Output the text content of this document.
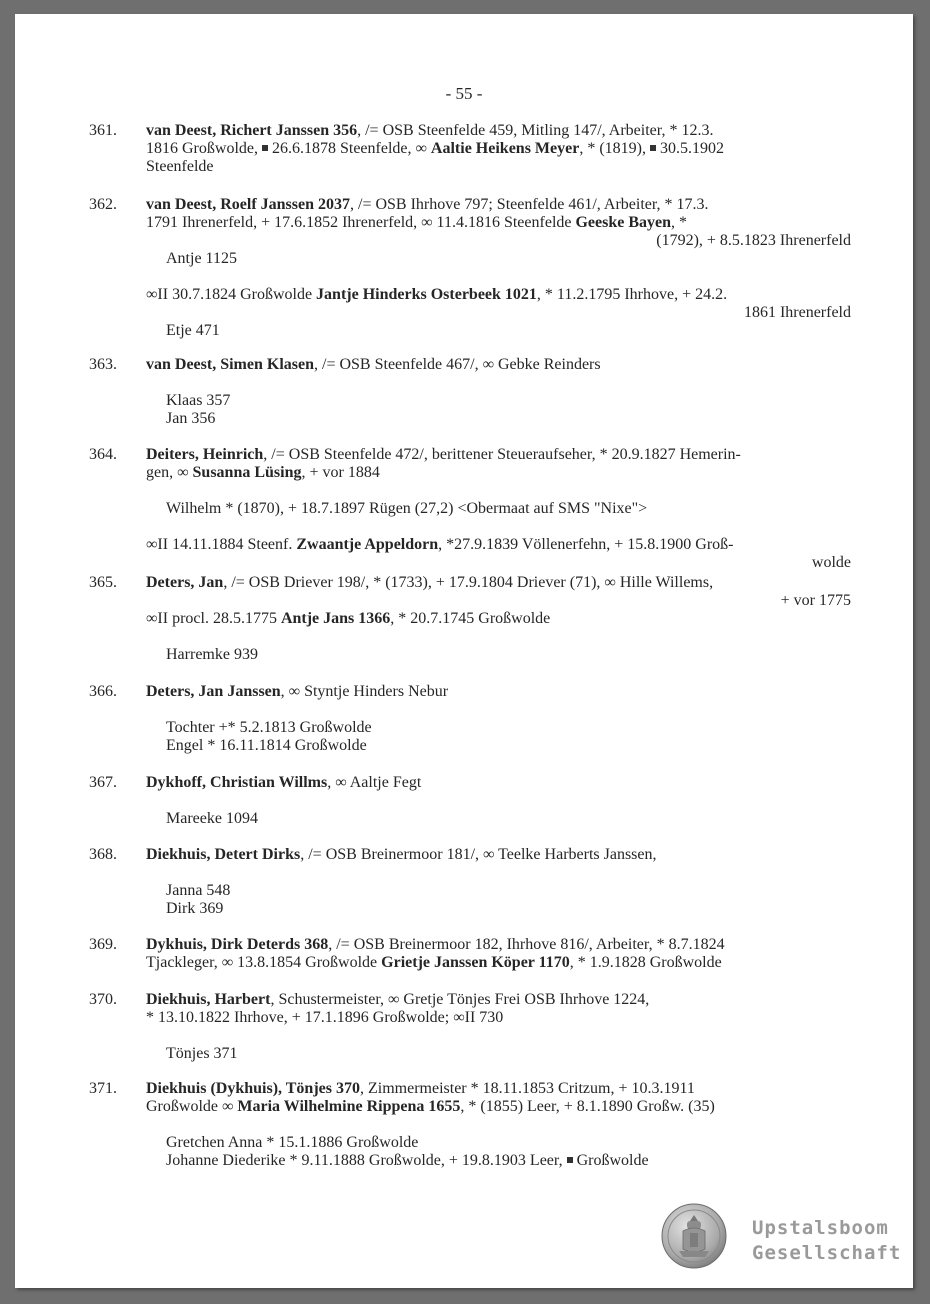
- 55 -
361. van Deest, Richert Janssen 356, /= OSB Steenfelde 459, Mitling 147/, Arbeiter, * 12.3.
1816 Großwolde, 26.6.1878 Steenfelde, ∞ Aaltie Heikens Meyer, * (1819), 30.5.1902
Steenfelde
362. van Deest, Roelf Janssen 2037, /= OSB Ihrhove 797; Steenfelde 461/, Arbeiter, * 17.3.
1791 Ihrenerfeld, + 17.6.1852 Ihrenerfeld, ∞ 11.4.1816 Steenfelde Geeske Bayen, *
(1792), + 8.5.1823 Ihrenerfeld
Antje 1125
∞II 30.7.1824 Großwolde Jantje Hinderks Osterbeek 1021, * 11.2.1795 Ihrhove, + 24.2.
1861 Ihrenerfeld
Etje 471
363. van Deest, Simen Klasen, /= OSB Steenfelde 467/, ∞ Gebke Reinders
Klaas 357
Jan 356
364. Deiters, Heinrich, /= OSB Steenfelde 472/, berittener Steueraufseher, * 20.9.1827 Hemerin-
gen, ∞ Susanna Lüsing, + vor 1884
Wilhelm * (1870), + 18.7.1897 Rügen (27,2) <Obermaat auf SMS "Nixe">
∞II 14.11.1884 Steenf. Zwaantje Appeldorn, *27.9.1839 Völlenerfehn, + 15.8.1900 Groß-
wolde
365. Deters, Jan, /= OSB Driever 198/, * (1733), + 17.9.1804 Driever (71), ∞ Hille Willems,
+ vor 1775
∞II procl. 28.5.1775 Antje Jans 1366, * 20.7.1745 Großwolde
Harremke 939
366. Deters, Jan Janssen, ∞ Styntje Hinders Nebur
Tochter +* 5.2.1813 Großwolde
Engel * 16.11.1814 Großwolde
367. Dykhoff, Christian Willms, ∞ Aaltje Fegt
Mareeke 1094
368. Diekhuis, Detert Dirks, /= OSB Breinermoor 181/, ∞ Teelke Harberts Janssen,
Janna 548
Dirk 369
369. Dykhuis, Dirk Deterds 368, /= OSB Breinermoor 182, Ihrhove 816/, Arbeiter, * 8.7.1824
Tjackleger, ∞ 13.8.1854 Großwolde Grietje Janssen Köper 1170, * 1.9.1828 Großwolde
370. Diekhuis, Harbert, Schustermeister, ∞ Gretje Tönjes Frei OSB Ihrhove 1224,
* 13.10.1822 Ihrhove, + 17.1.1896 Großwolde; ∞II 730
Tönjes 371
371. Diekhuis (Dykhuis), Tönjes 370, Zimmermeister * 18.11.1853 Critzum, + 10.3.1911
Großwolde ∞ Maria Wilhelmine Rippena 1655, * (1855) Leer, + 8.1.1890 Großw. (35)
Gretchen Anna * 15.1.1886 Großwolde
Johanne Diederike * 9.11.1888 Großwolde, + 19.8.1903 Leer, Großwolde
Upstalsboom
Gesellschaft
